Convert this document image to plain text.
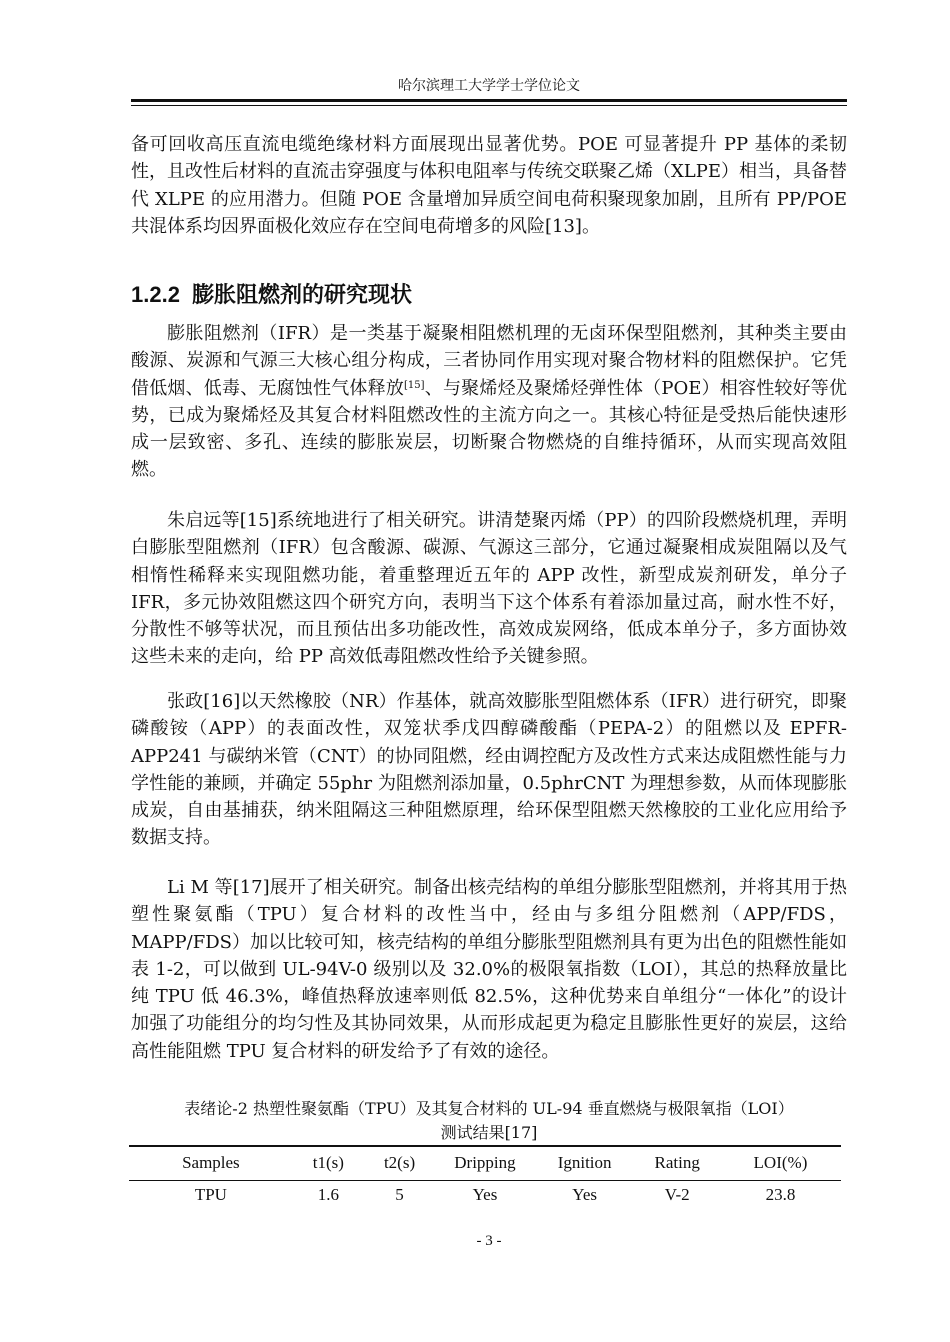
哈尔滨理工大学学士学位论文

备可回收高压直流电缆绝缘材料方面展现出显著优势。POE 可显著提升 PP 基体的柔韧性，且改性后材料的直流击穿强度与体积电阻率与传统交联聚乙烯（XLPE）相当，具备替代 XLPE 的应用潜力。但随 POE 含量增加异质空间电荷积聚现象加剧，且所有 PP/POE 共混体系均因界面极化效应存在空间电荷增多的风险[13]。

1.2.2 膨胀阻燃剂的研究现状

膨胀阻燃剂（IFR）是一类基于凝聚相阻燃机理的无卤环保型阻燃剂，其种类主要由酸源、炭源和气源三大核心组分构成，三者协同作用实现对聚合物材料的阻燃保护。它凭借低烟、低毒、无腐蚀性气体释放[15]、与聚烯烃及聚烯烃弹性体（POE）相容性较好等优势，已成为聚烯烃及其复合材料阻燃改性的主流方向之一。其核心特征是受热后能快速形成一层致密、多孔、连续的膨胀炭层，切断聚合物燃烧的自维持循环，从而实现高效阻燃。

朱启远等[15]系统地进行了相关研究。讲清楚聚丙烯（PP）的四阶段燃烧机理，弄明白膨胀型阻燃剂（IFR）包含酸源、碳源、气源这三部分，它通过凝聚相成炭阻隔以及气相惰性稀释来实现阻燃功能，着重整理近五年的 APP 改性，新型成炭剂研发，单分子 IFR，多元协效阻燃这四个研究方向，表明当下这个体系有着添加量过高，耐水性不好，分散性不够等状况，而且预估出多功能改性，高效成炭网络，低成本单分子，多方面协效这些未来的走向，给 PP 高效低毒阻燃改性给予关键参照。

张政[16]以天然橡胶（NR）作基体，就高效膨胀型阻燃体系（IFR）进行研究，即聚磷酸铵（APP）的表面改性，双笼状季戊四醇磷酸酯（PEPA-2）的阻燃以及 EPFR-APP241 与碳纳米管（CNT）的协同阻燃，经由调控配方及改性方式来达成阻燃性能与力学性能的兼顾，并确定 55phr 为阻燃剂添加量，0.5phrCNT 为理想参数，从而体现膨胀成炭，自由基捕获，纳米阻隔这三种阻燃原理，给环保型阻燃天然橡胶的工业化应用给予数据支持。

Li M 等[17]展开了相关研究。制备出核壳结构的单组分膨胀型阻燃剂，并将其用于热塑性聚氨酯（TPU）复合材料的改性当中，经由与多组分阻燃剂（APP/FDS，MAPP/FDS）加以比较可知，核壳结构的单组分膨胀型阻燃剂具有更为出色的阻燃性能如表 1-2，可以做到 UL-94V-0 级别以及 32.0%的极限氧指数（LOI），其总的热释放量比纯 TPU 低 46.3%，峰值热释放速率则低 82.5%，这种优势来自单组分“一体化”的设计加强了功能组分的均匀性及其协同效果，从而形成起更为稳定且膨胀性更好的炭层，这给高性能阻燃 TPU 复合材料的研发给予了有效的途径。

表绪论-2 热塑性聚氨酯（TPU）及其复合材料的 UL-94 垂直燃烧与极限氧指（LOI）
测试结果[17]
Samples	t1(s)	t2(s)	Dripping	Ignition	Rating	LOI(%)
TPU	1.6	5	Yes	Yes	V-2	23.8
- 3 -
